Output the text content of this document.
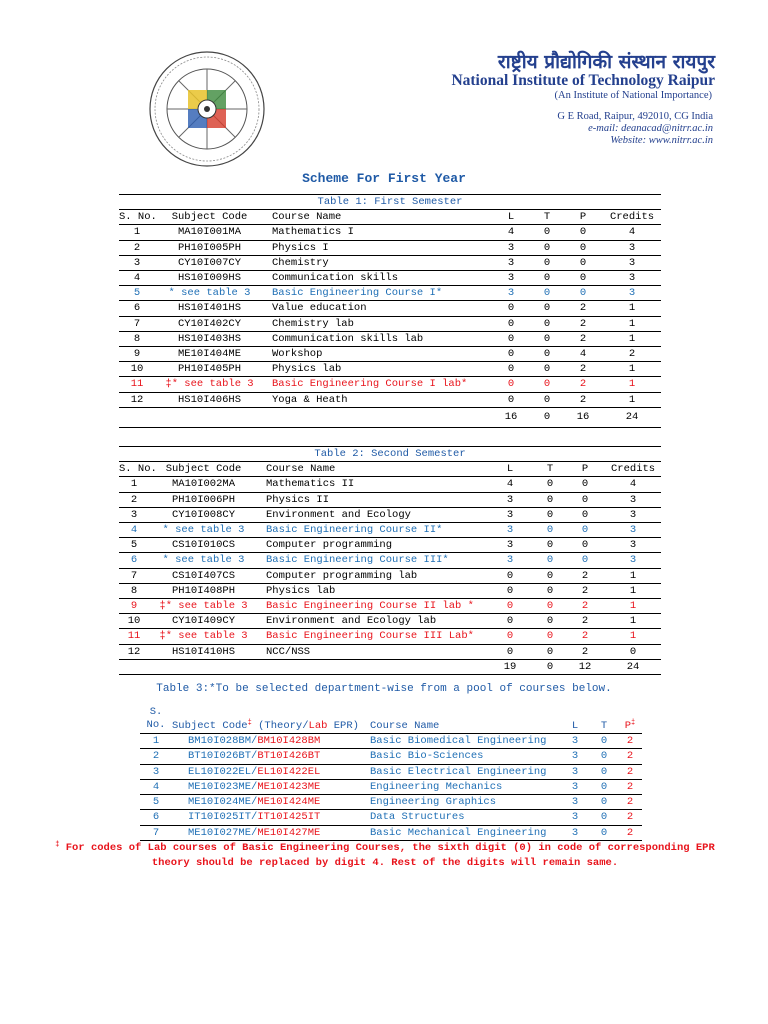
राष्ट्रीय प्रौद्योगिकी संस्थान रायपुर
National Institute of Technology Raipur
(An Institute of National Importance)
G E Road, Raipur, 492010, CG India
e-mail: deanacad@nitrr.ac.in
Website: www.nitrr.ac.in
Scheme For First Year
Table 1: First Semester						
S. No.	Subject Code	Course Name	L	T	P	Credits
1	MA10I001MA	Mathematics I	4	0	0	4
2	PH10I005PH	Physics I	3	0	0	3
3	CY10I007CY	Chemistry	3	0	0	3
4	HS10I009HS	Communication skills	3	0	0	3
5	* see table 3	Basic Engineering Course I*	3	0	0	3
6	HS10I401HS	Value education	0	0	2	1
7	CY10I402CY	Chemistry lab	0	0	2	1
8	HS10I403HS	Communication skills lab	0	0	2	1
9	ME10I404ME	Workshop	0	0	4	2
10	PH10I405PH	Physics lab	0	0	2	1
11	‡* see table 3	Basic Engineering Course I lab*	0	0	2	1
12	HS10I406HS	Yoga & Heath	0	0	2	1
			16	0	16	24
Table 2: Second Semester						
S. No.	Subject Code	Course Name	L	T	P	Credits
1	MA10I002MA	Mathematics II	4	0	0	4
2	PH10I006PH	Physics II	3	0	0	3
3	CY10I008CY	Environment and Ecology	3	0	0	3
4	* see table 3	Basic Engineering Course II*	3	0	0	3
5	CS10I010CS	Computer programming	3	0	0	3
6	* see table 3	Basic Engineering Course III*	3	0	0	3
7	CS10I407CS	Computer programming lab	0	0	2	1
8	PH10I408PH	Physics lab	0	0	2	1
9	‡* see table 3	Basic Engineering Course II lab *	0	0	2	1
10	CY10I409CY	Environment and Ecology lab	0	0	2	1
11	‡* see table 3	Basic Engineering Course III Lab*	0	0	2	1
12	HS10I410HS	NCC/NSS	0	0	2	0
			19	0	12	24
Table 3:*To be selected department-wise from a pool of courses below.
S.
No.	Subject Code‡ (Theory/Lab EPR)	Course Name	L	T	P‡
1	BM10I028BM/BM10I428BM	Basic Biomedical Engineering	3	0	2
2	BT10I026BT/BT10I426BT	Basic Bio-Sciences	3	0	2
3	EL10I022EL/EL10I422EL	Basic Electrical Engineering	3	0	2
4	ME10I023ME/ME10I423ME	Engineering Mechanics	3	0	2
5	ME10I024ME/ME10I424ME	Engineering Graphics	3	0	2
6	IT10I025IT/IT10I425IT	Data Structures	3	0	2
7	ME10I027ME/ME10I427ME	Basic Mechanical Engineering	3	0	2
‡ For codes of Lab courses of Basic Engineering Courses, the sixth digit (0) in code of corresponding EPR
theory should be replaced by digit 4. Rest of the digits will remain same.
